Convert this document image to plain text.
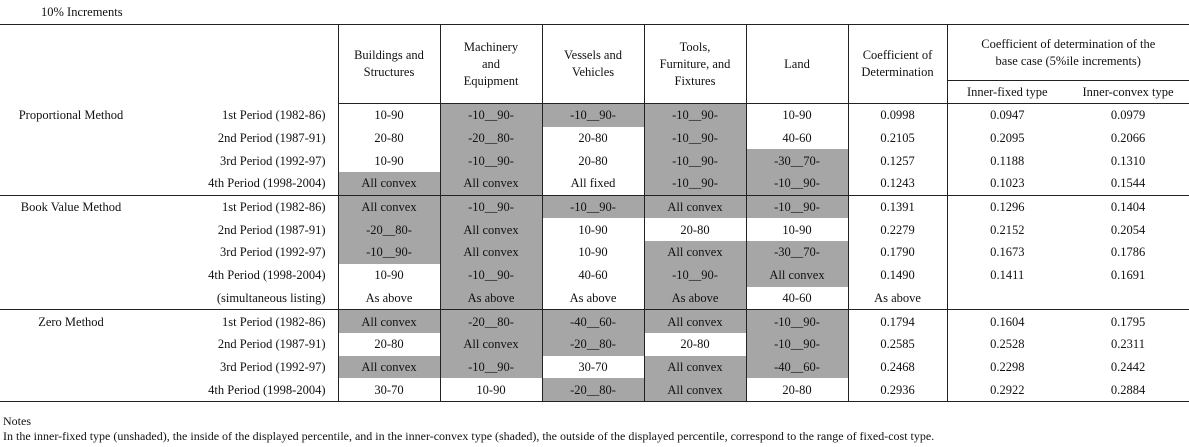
10% Increments
		Buildings and
Structures	Machinery
and
Equipment	Vessels and
Vehicles	Tools,
Furniture, and
Fixtures	Land	Coefficient of
Determination	Coefficient of determination of the
base case (5%ile increments)	
								Inner-fixed type	Inner-convex type
Proportional Method	1st Period (1982-86)	10-90	-10__90-	-10__90-	-10__90-	10-90	0.0998	0.0947	0.0979
	2nd Period (1987-91)	20-80	-20__80-	20-80	-10__90-	40-60	0.2105	0.2095	0.2066
	3rd Period (1992-97)	10-90	-10__90-	20-80	-10__90-	-30__70-	0.1257	0.1188	0.1310
	4th Period (1998-2004)	All convex	All convex	All fixed	-10__90-	-10__90-	0.1243	0.1023	0.1544
Book Value Method	1st Period (1982-86)	All convex	-10__90-	-10__90-	All convex	-10__90-	0.1391	0.1296	0.1404
	2nd Period (1987-91)	-20__80-	All convex	10-90	20-80	10-90	0.2279	0.2152	0.2054
	3rd Period (1992-97)	-10__90-	All convex	10-90	All convex	-30__70-	0.1790	0.1673	0.1786
	4th Period (1998-2004)	10-90	-10__90-	40-60	-10__90-	All convex	0.1490	0.1411	0.1691
	(simultaneous listing)	As above	As above	As above	As above	40-60	As above		
Zero Method	1st Period (1982-86)	All convex	-20__80-	-40__60-	All convex	-10__90-	0.1794	0.1604	0.1795
	2nd Period (1987-91)	20-80	All convex	-20__80-	20-80	-10__90-	0.2585	0.2528	0.2311
	3rd Period (1992-97)	All convex	-10__90-	30-70	All convex	-40__60-	0.2468	0.2298	0.2442
	4th Period (1998-2004)	30-70	10-90	-20__80-	All convex	20-80	0.2936	0.2922	0.2884
Notes
In the inner-fixed type (unshaded), the inside of the displayed percentile, and in the inner-convex type (shaded), the outside of the displayed percentile, correspond to the range of fixed-cost type.
